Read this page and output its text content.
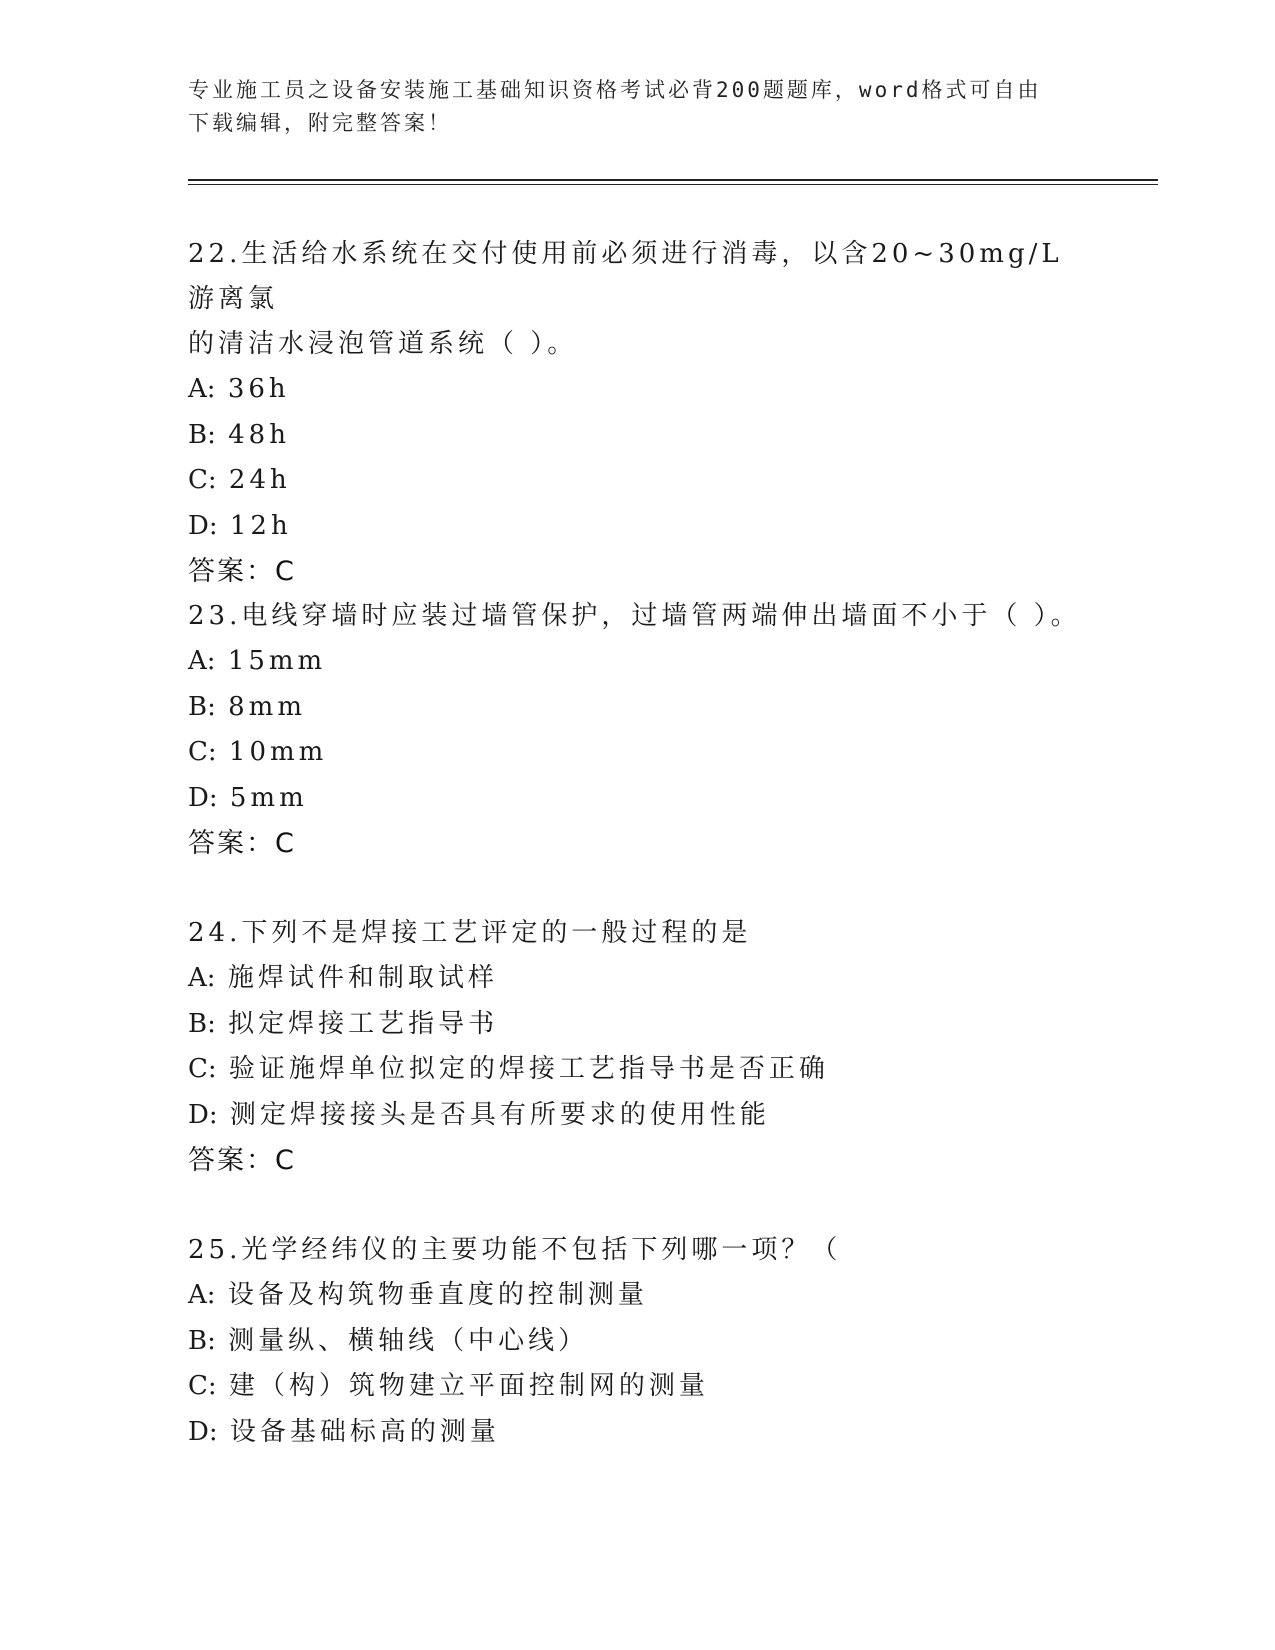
专业施工员之设备安装施工基础知识资格考试必背200题题库，word格式可自由
下载编辑，附完整答案！

22.生活给水系统在交付使用前必须进行消毒，以含20~30mg/L游离氯
的清洁水浸泡管道系统（ ）。

A: 36h

B: 48h

C: 24h

D: 12h

答案：C

23.电线穿墙时应装过墙管保护，过墙管两端伸出墙面不小于（ ）。

A: 15mm

B: 8mm

C: 10mm

D: 5mm

答案：C

24.下列不是焊接工艺评定的一般过程的是

A: 施焊试件和制取试样

B: 拟定焊接工艺指导书

C: 验证施焊单位拟定的焊接工艺指导书是否正确

D: 测定焊接接头是否具有所要求的使用性能

答案：C

25.光学经纬仪的主要功能不包括下列哪一项？（

A: 设备及构筑物垂直度的控制测量

B: 测量纵、横轴线（中心线）

C: 建（构）筑物建立平面控制网的测量

D: 设备基础标高的测量
